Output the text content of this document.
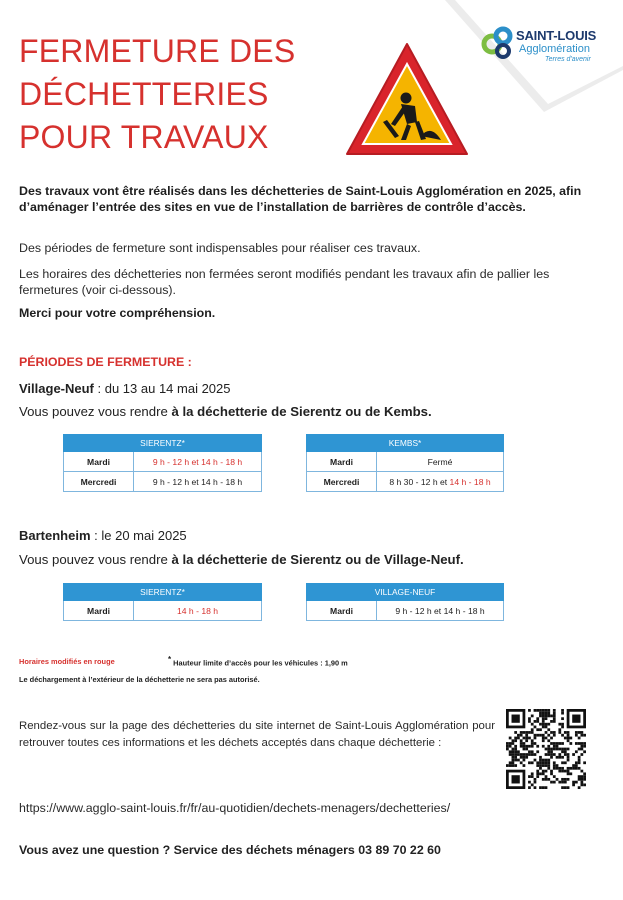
SAINT-LOUIS
Agglomération
Terres d'avenir
FERMETURE DES
DÉCHETTERIES
POUR TRAVAUX

Des travaux vont être réalisés dans les déchetteries de Saint-Louis Agglomération en 2025, afin d’aménager l’entrée des sites en vue de l’installation de barrières de contrôle d’accès.

Des périodes de fermeture sont indispensables pour réaliser ces travaux.

Les horaires des déchetteries non fermées seront modifiés pendant les travaux afin de pallier les fermetures (voir ci-dessous).

Merci pour votre compréhension.

PÉRIODES DE FERMETURE :

Village-Neuf : du 13 au 14 mai 2025

Vous pouvez vous rendre à la déchetterie de Sierentz ou de Kembs.

SIERENTZ*	
Mardi	9 h - 12 h et 14 h - 18 h
Mercredi	9 h - 12 h et 14 h - 18 h
KEMBS*	
Mardi	Fermé
Mercredi	8 h 30 - 12 h et 14 h - 18 h

Bartenheim : le 20 mai 2025

Vous pouvez vous rendre à la déchetterie de Sierentz ou de Village-Neuf.

SIERENTZ*
Mardi	14 h - 18 h
VILLAGE-NEUF
Mardi	9 h - 12 h et 14 h - 18 h

Horaires modifiés en rouge	* Hauteur limite d’accès pour les véhicules : 1,90 m

Le déchargement à l’extérieur de la déchetterie ne sera pas autorisé.

Rendez-vous sur la page des déchetteries du site internet de Saint-Louis Agglomération pour retrouver toutes ces informations et les déchets acceptés dans chaque déchetterie :

https://www.agglo-saint-louis.fr/fr/au-quotidien/dechets-menagers/dechetteries/

Vous avez une question ? Service des déchets ménagers 03 89 70 22 60
